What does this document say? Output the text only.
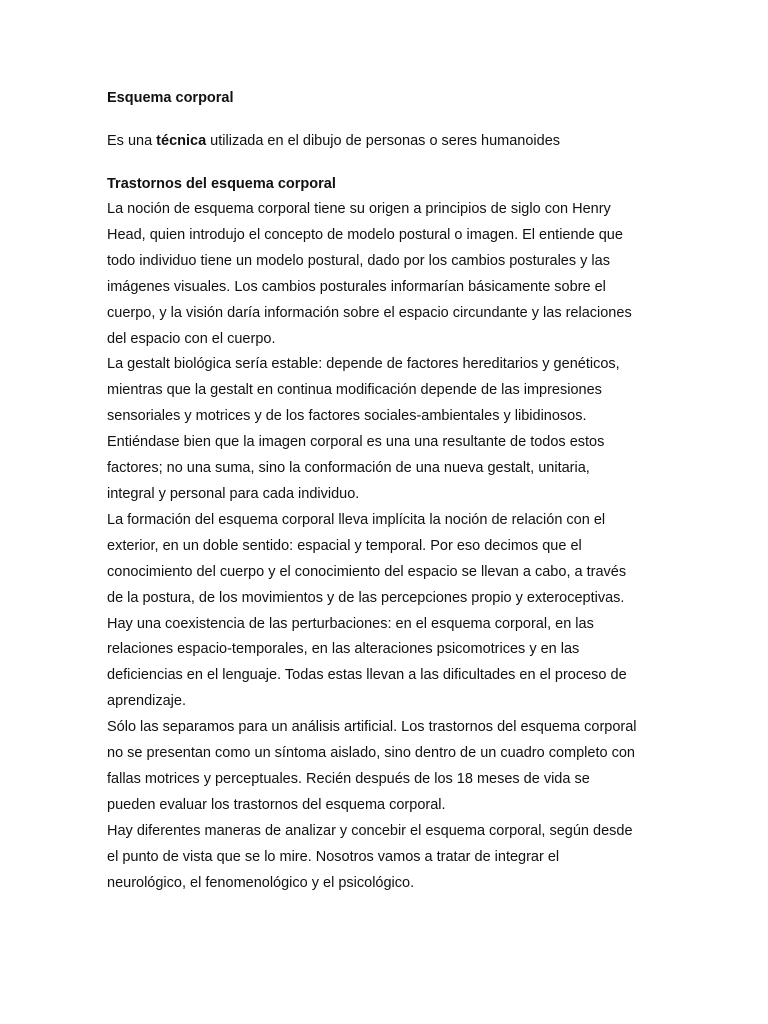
Esquema corporal

Es una técnica utilizada en el dibujo de personas o seres humanoides

Trastornos del esquema corporal

La noción de esquema corporal tiene su origen a principios de siglo con Henry
Head, quien introdujo el concepto de modelo postural o imagen. El entiende que
todo individuo tiene un modelo postural, dado por los cambios posturales y las
imágenes visuales. Los cambios posturales informarían básicamente sobre el
cuerpo, y la visión daría información sobre el espacio circundante y las relaciones
del espacio con el cuerpo.

La gestalt biológica sería estable: depende de factores hereditarios y genéticos,
mientras que la gestalt en continua modificación depende de las impresiones
sensoriales y motrices y de los factores sociales-ambientales y libidinosos.
Entiéndase bien que la imagen corporal es una una resultante de todos estos
factores; no una suma, sino la conformación de una nueva gestalt, unitaria,
integral y personal para cada individuo.

La formación del esquema corporal lleva implícita la noción de relación con el
exterior, en un doble sentido: espacial y temporal. Por eso decimos que el
conocimiento del cuerpo y el conocimiento del espacio se llevan a cabo, a través
de la postura, de los movimientos y de las percepciones propio y exteroceptivas.

Hay una coexistencia de las perturbaciones: en el esquema corporal, en las
relaciones espacio-temporales, en las alteraciones psicomotrices y en las
deficiencias en el lenguaje. Todas estas llevan a las dificultades en el proceso de
aprendizaje.

Sólo las separamos para un análisis artificial. Los trastornos del esquema corporal
no se presentan como un síntoma aislado, sino dentro de un cuadro completo con
fallas motrices y perceptuales. Recién después de los 18 meses de vida se
pueden evaluar los trastornos del esquema corporal.

Hay diferentes maneras de analizar y concebir el esquema corporal, según desde
el punto de vista que se lo mire. Nosotros vamos a tratar de integrar el
neurológico, el fenomenológico y el psicológico.
